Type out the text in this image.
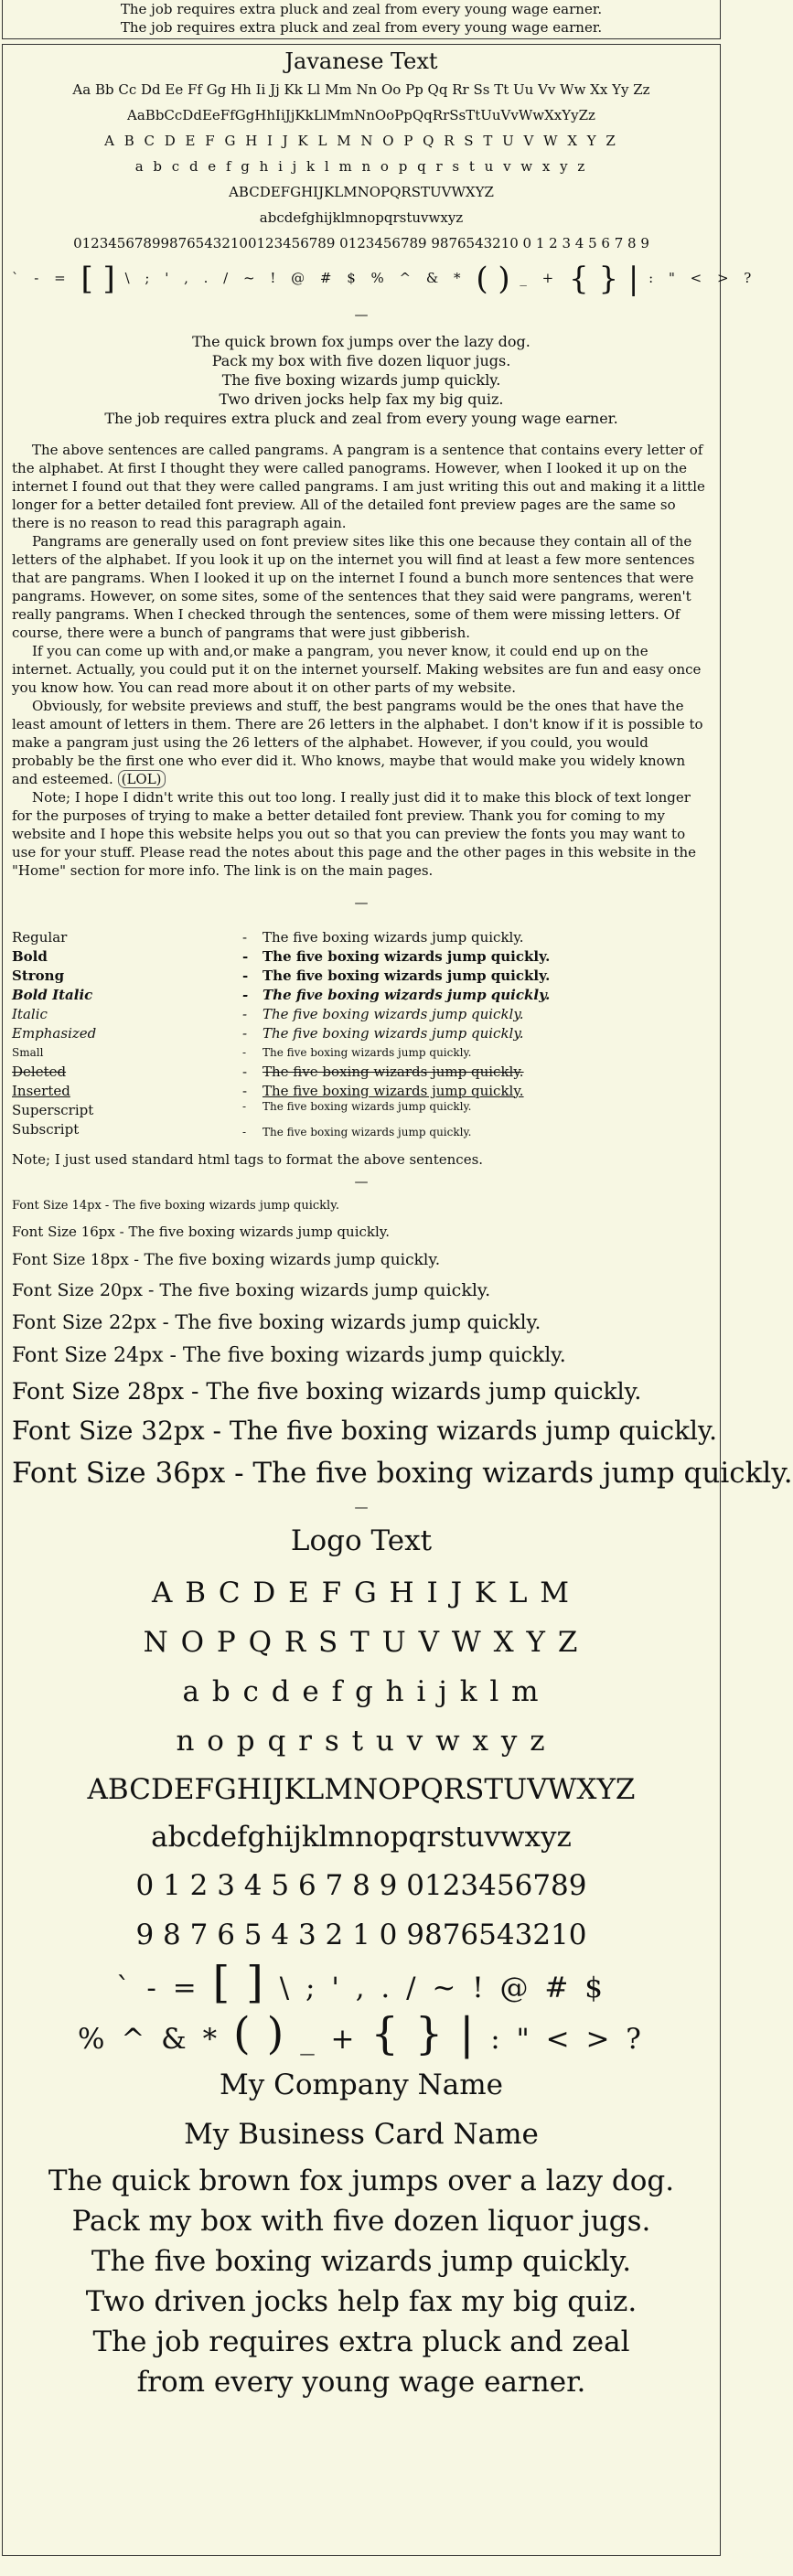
The job requires extra pluck and zeal from every young wage earner.
The job requires extra pluck and zeal from every young wage earner.
Javanese Text
Aa Bb Cc Dd Ee Ff Gg Hh Ii Jj Kk Ll Mm Nn Oo Pp Qq Rr Ss Tt Uu Vv Ww Xx Yy Zz
AaBbCcDdEeFfGgHhIiJjKkLlMmNnOoPpQqRrSsTtUuVvWwXxYyZz
A B C D E F G H I J K L M N O P Q R S T U V W X Y Z
a b c d e f g h i j k l m n o p q r s t u v w x y z
ABCDEFGHIJKLMNOPQRSTUVWXYZ
abcdefghijklmnopqrstuvwxyz
01234567899876543210012345678​9 0123456789 9876543210 0 1 2 3 4 5 6 7 8 9
` - = [ ] \ ; ' , . / ~ ! @ # $ % ^ & * ( ) _ + { } | : " < > ?
—

The quick brown fox jumps over the lazy dog.

Pack my box with five dozen liquor jugs.

The five boxing wizards jump quickly.

Two driven jocks help fax my big quiz.

The job requires extra pluck and zeal from every young wage earner.

The above sentences are called pangrams. A pangram is a sentence that contains every letter of the alphabet. At first I thought they were called panograms. However, when I looked it up on the internet I found out that they were called pangrams. I am just writing this out and making it a little longer for a better detailed font preview. All of the detailed font preview pages are the same so there is no reason to read this paragraph again.

Pangrams are generally used on font preview sites like this one because they contain all of the letters of the alphabet. If you look it up on the internet you will find at least a few more sentences that are pangrams. When I looked it up on the internet I found a bunch more sentences that were pangrams. However, on some sites, some of the sentences that they said were pangrams, weren't really pangrams. When I checked through the sentences, some of them were missing letters. Of course, there were a bunch of pangrams that were just gibberish.

If you can come up with and,or make a pangram, you never know, it could end up on the internet. Actually, you could put it on the internet yourself. Making websites are fun and easy once you know how. You can read more about it on other parts of my website.

Obviously, for website previews and stuff, the best pangrams would be the ones that have the least amount of letters in them. There are 26 letters in the alphabet. I don't know if it is possible to make a pangram just using the 26 letters of the alphabet. However, if you could, you would probably be the first one who ever did it. Who knows, maybe that would make you widely known and esteemed. (LOL)

Note; I hope I didn't write this out too long. I really just did it to make this block of text longer for the purposes of trying to make a better detailed font preview. Thank you for coming to my website and I hope this website helps you out so that you can preview the fonts you may want to use for your stuff. Please read the notes about this page and the other pages in this website in the "Home" section for more info. The link is on the main pages.

—
Regular	-	The five boxing wizards jump quickly.
Bold	-	The five boxing wizards jump quickly.
Strong	-	The five boxing wizards jump quickly.
Bold Italic	-	The five boxing wizards jump quickly.
Italic	-	The five boxing wizards jump quickly.
Emphasized	-	The five boxing wizards jump quickly.
Small	-	The five boxing wizards jump quickly.
Deleted	-	The five boxing wizards jump quickly.
Inserted	-	The five boxing wizards jump quickly.
Superscript	-	The five boxing wizards jump quickly.
Subscript	-	The five boxing wizards jump quickly.
Note; I just used standard html tags to format the above sentences.
—

Font Size 14px - The five boxing wizards jump quickly.

Font Size 16px - The five boxing wizards jump quickly.

Font Size 18px - The five boxing wizards jump quickly.

Font Size 20px - The five boxing wizards jump quickly.

Font Size 22px - The five boxing wizards jump quickly.

Font Size 24px - The five boxing wizards jump quickly.

Font Size 28px - The five boxing wizards jump quickly.

Font Size 32px - The five boxing wizards jump quickly.

Font Size 36px - The five boxing wizards jump quickly.

—

Logo Text

A B C D E F G H I J K L M

N O P Q R S T U V W X Y Z

a b c d e f g h i j k l m

n o p q r s t u v w x y z

ABCDEFGHIJKLMNOPQRSTUVWXYZ

abcdefghijklmnopqrstuvwxyz

0 1 2 3 4 5 6 7 8 9 0123456789

9 8 7 6 5 4 3 2 1 0 9876543210

` - = [ ] \ ; ' , . / ~ ! @ # $

% ^ & * ( ) _ + { } | : " < > ?

My Company Name

My Business Card Name

The quick brown fox jumps over a lazy dog.

Pack my box with five dozen liquor jugs.

The five boxing wizards jump quickly.

Two driven jocks help fax my big quiz.

The job requires extra pluck and zeal

from every young wage earner.
